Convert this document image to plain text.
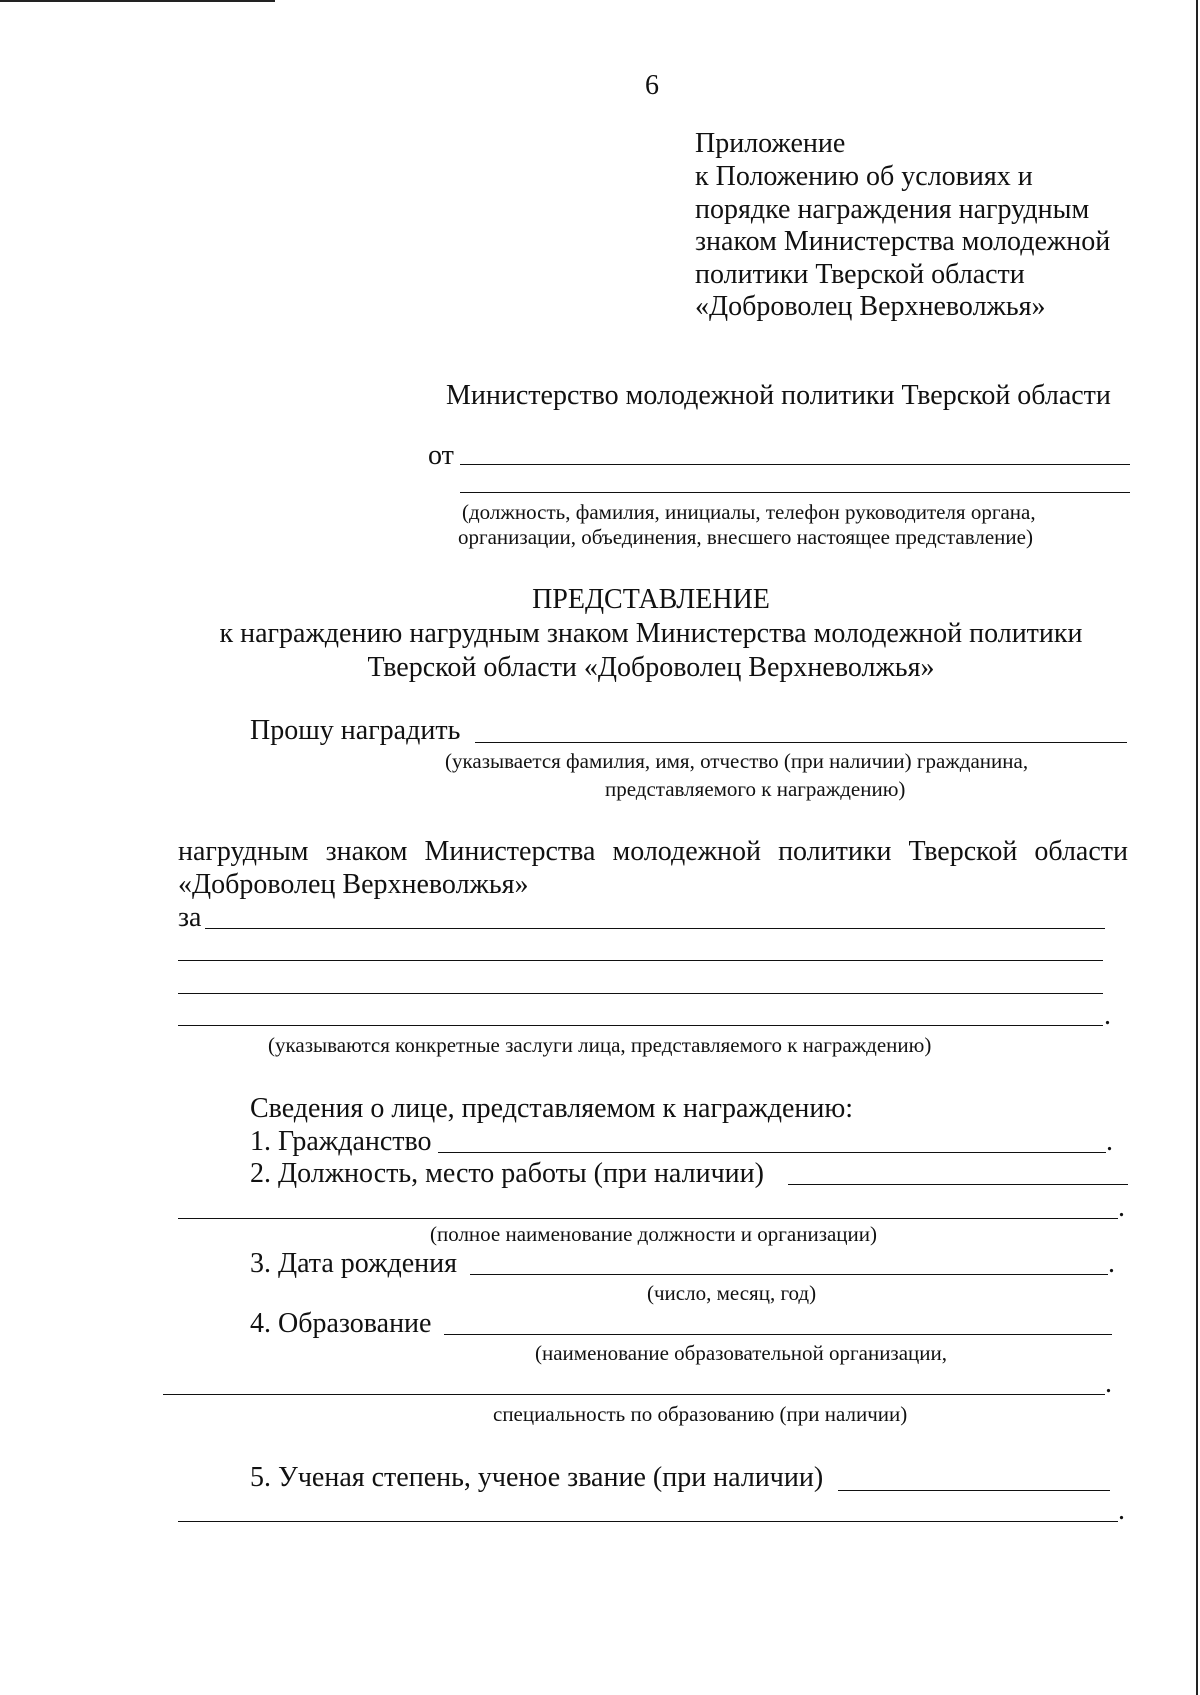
6
Приложение
к Положению об условиях и
порядке награждения нагрудным
знаком Министерства молодежной
политики Тверской области
«Доброволец Верхневолжья»
Министерство молодежной политики Тверской области
от
(должность, фамилия, инициалы, телефон руководителя органа,
организации, объединения, внесшего настоящее представление)
ПРЕДСТАВЛЕНИЕ
к награждению нагрудным знаком Министерства молодежной политики
Тверской области «Доброволец Верхневолжья»
Прошу наградить
(указывается фамилия, имя, отчество (при наличии) гражданина,
представляемого к награждению)
нагрудным знаком Министерства молодежной политики Тверской области
«Доброволец Верхневолжья»
за
.
(указываются конкретные заслуги лица, представляемого к награждению)
Сведения о лице, представляемом к награждению:
1. Гражданство	.
2. Должность, место работы (при наличии)
.
(полное наименование должности и организации)
3. Дата рождения	.
(число, месяц, год)
4. Образование
(наименование образовательной организации,
.
специальность по образованию (при наличии)
5. Ученая степень, ученое звание (при наличии)
.
